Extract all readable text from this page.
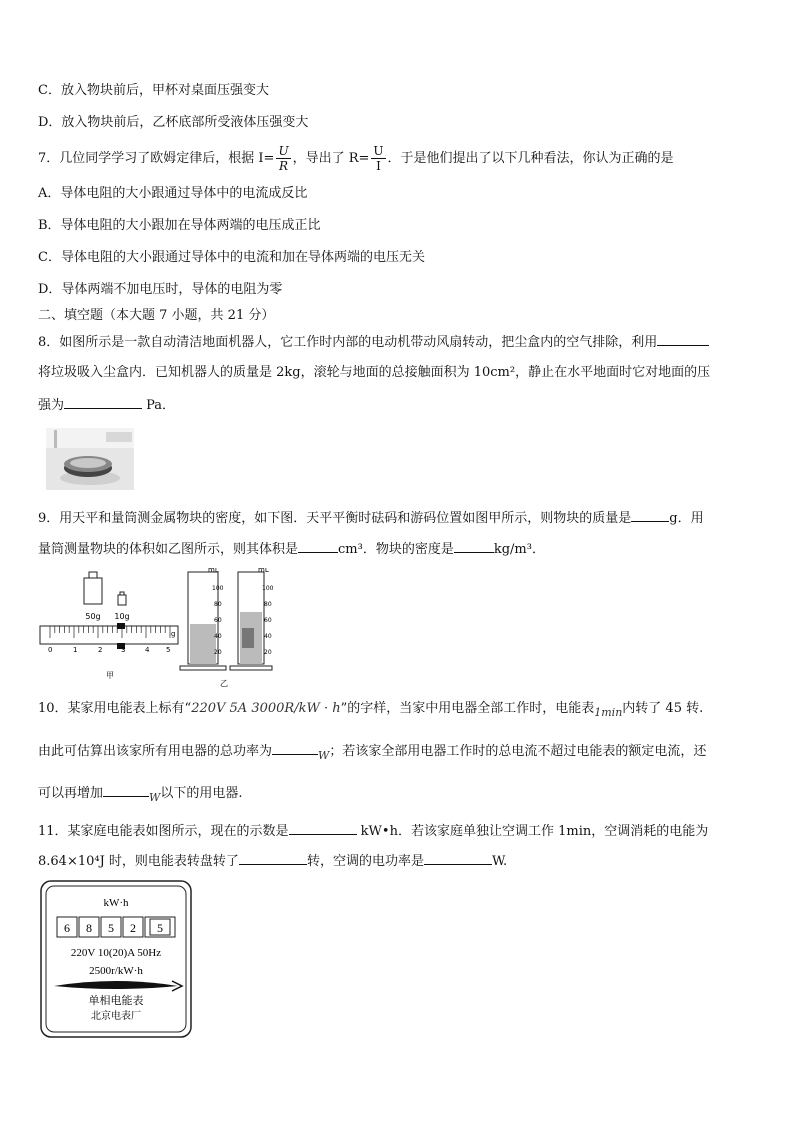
C．放入物块前后，甲杯对桌面压强变大
D．放入物块前后，乙杯底部所受液体压强变大
7．几位同学学习了欧姆定律后，根据 $I= \frac{U}{R}$ ，导出了 $R= \frac{U}{I}$ ．于是他们提出了以下几种看法，你认为正确的是
A．导体电阻的大小跟通过导体中的电流成反比
B．导体电阻的大小跟加在导体两端的电压成正比
C．导体电阻的大小跟通过导体中的电流和加在导体两端的电压无关
D．导体两端不加电压时，导体的电阻为零
二、填空题（本大题 7 小题，共 21 分）
8．如图所示是一款自动清洁地面机器人，它工作时内部的电动机带动风扇转动，把尘盒内的空气排除，利用
将垃圾吸入尘盒内．已知机器人的质量是 2kg，滚轮与地面的总接触面积为 10cm²，静止在水平地面时它对地面的压
强为	Pa．
9．用天平和量筒测金属物块的密度，如下图．天平平衡时砝码和游码位置如图甲所示，则物块的质量是	g．用
量筒测量物块的体积如乙图所示，则其体积是	cm³．物块的密度是	kg/m³．
50g 10g
0	1	2	3	4 5
g
甲
mL
100
80
60
40
20
mL
100
80
60
40
20
乙
10．某家用电能表上标有“220V 5A 3000R/kW · h”的字样，当家中用电器全部工作时，电能表$_{1min}$内转了 45 转.
由此可估算出该家所有用电器的总功率为	$_W$；若该家全部用电器工作时的总电流不超过电能表的额定电流，还
可以再增加	$_W$以下的用电器.
11．某家庭电能表如图所示，现在的示数是	kW•h．若该家庭单独让空调工作 1min，空调消耗的电能为
8.64×10⁴J 时，则电能表转盘转了	转，空调的电功率是	W.
kW·h
6 8 5 2 5
220V 10(20)A 50Hz
2500r/kW·h
单相电能表
北京电表厂
